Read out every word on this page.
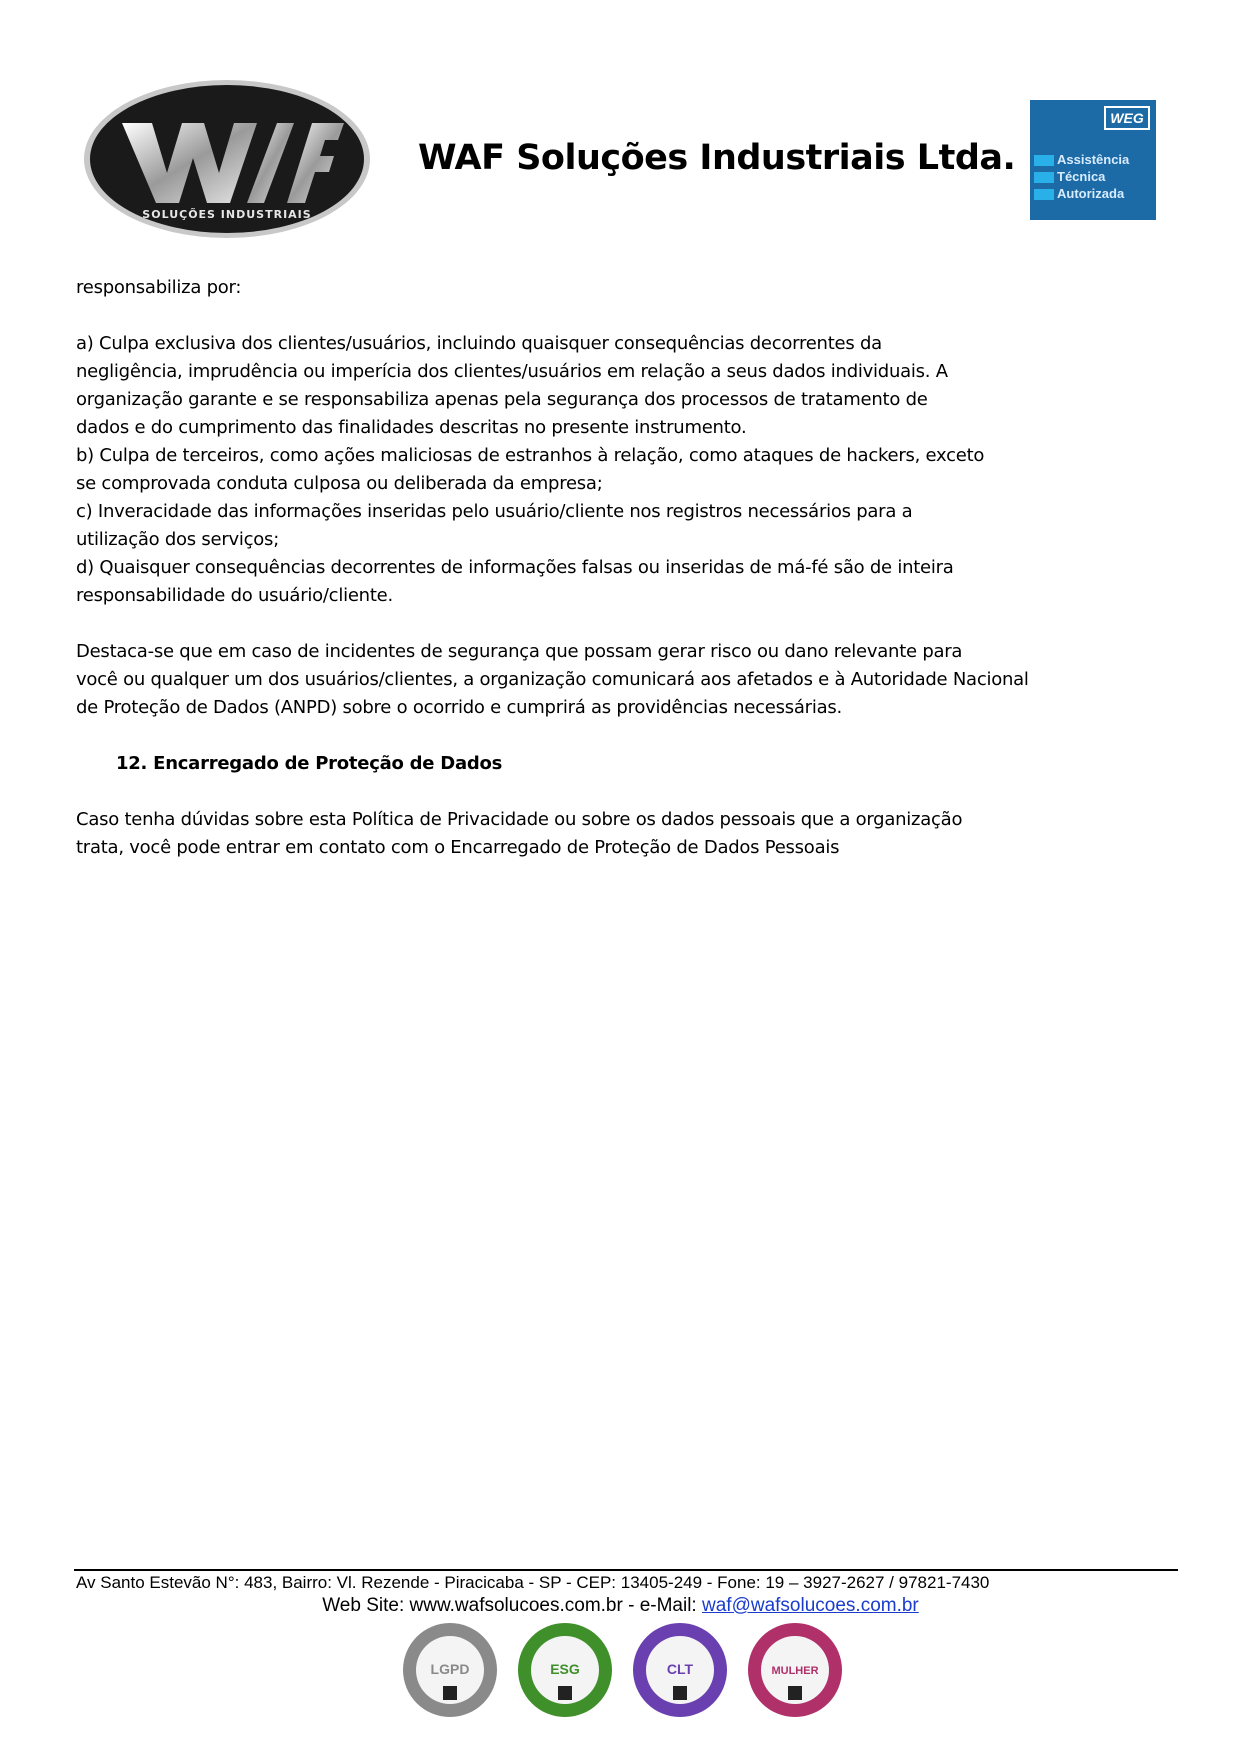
SOLUÇÕES INDUSTRIAIS
WAF Soluções Industriais Ltda.
WEG
Assistência
Técnica
Autorizada
responsabiliza por:
a) Culpa exclusiva dos clientes/usuários, incluindo quaisquer consequências decorrentes da
negligência, imprudência ou imperícia dos clientes/usuários em relação a seus dados individuais. A
organização garante e se responsabiliza apenas pela segurança dos processos de tratamento de
dados e do cumprimento das finalidades descritas no presente instrumento.
b) Culpa de terceiros, como ações maliciosas de estranhos à relação, como ataques de hackers, exceto
se comprovada conduta culposa ou deliberada da empresa;
c) Inveracidade das informações inseridas pelo usuário/cliente nos registros necessários para a
utilização dos serviços;
d) Quaisquer consequências decorrentes de informações falsas ou inseridas de má-fé são de inteira
responsabilidade do usuário/cliente.
Destaca-se que em caso de incidentes de segurança que possam gerar risco ou dano relevante para
você ou qualquer um dos usuários/clientes, a organização comunicará aos afetados e à Autoridade Nacional
de Proteção de Dados (ANPD) sobre o ocorrido e cumprirá as providências necessárias.
12. Encarregado de Proteção de Dados
Caso tenha dúvidas sobre esta Política de Privacidade ou sobre os dados pessoais que a organização
trata, você pode entrar em contato com o Encarregado de Proteção de Dados Pessoais
Av Santo Estevão N°: 483, Bairro: Vl. Rezende - Piracicaba - SP - CEP: 13405-249 - Fone: 19 – 3927-2627 / 97821-7430
Web Site: www.wafsolucoes.com.br - e-Mail: waf@wafsolucoes.com.br
LGPD	ESG	CLT	MULHER
